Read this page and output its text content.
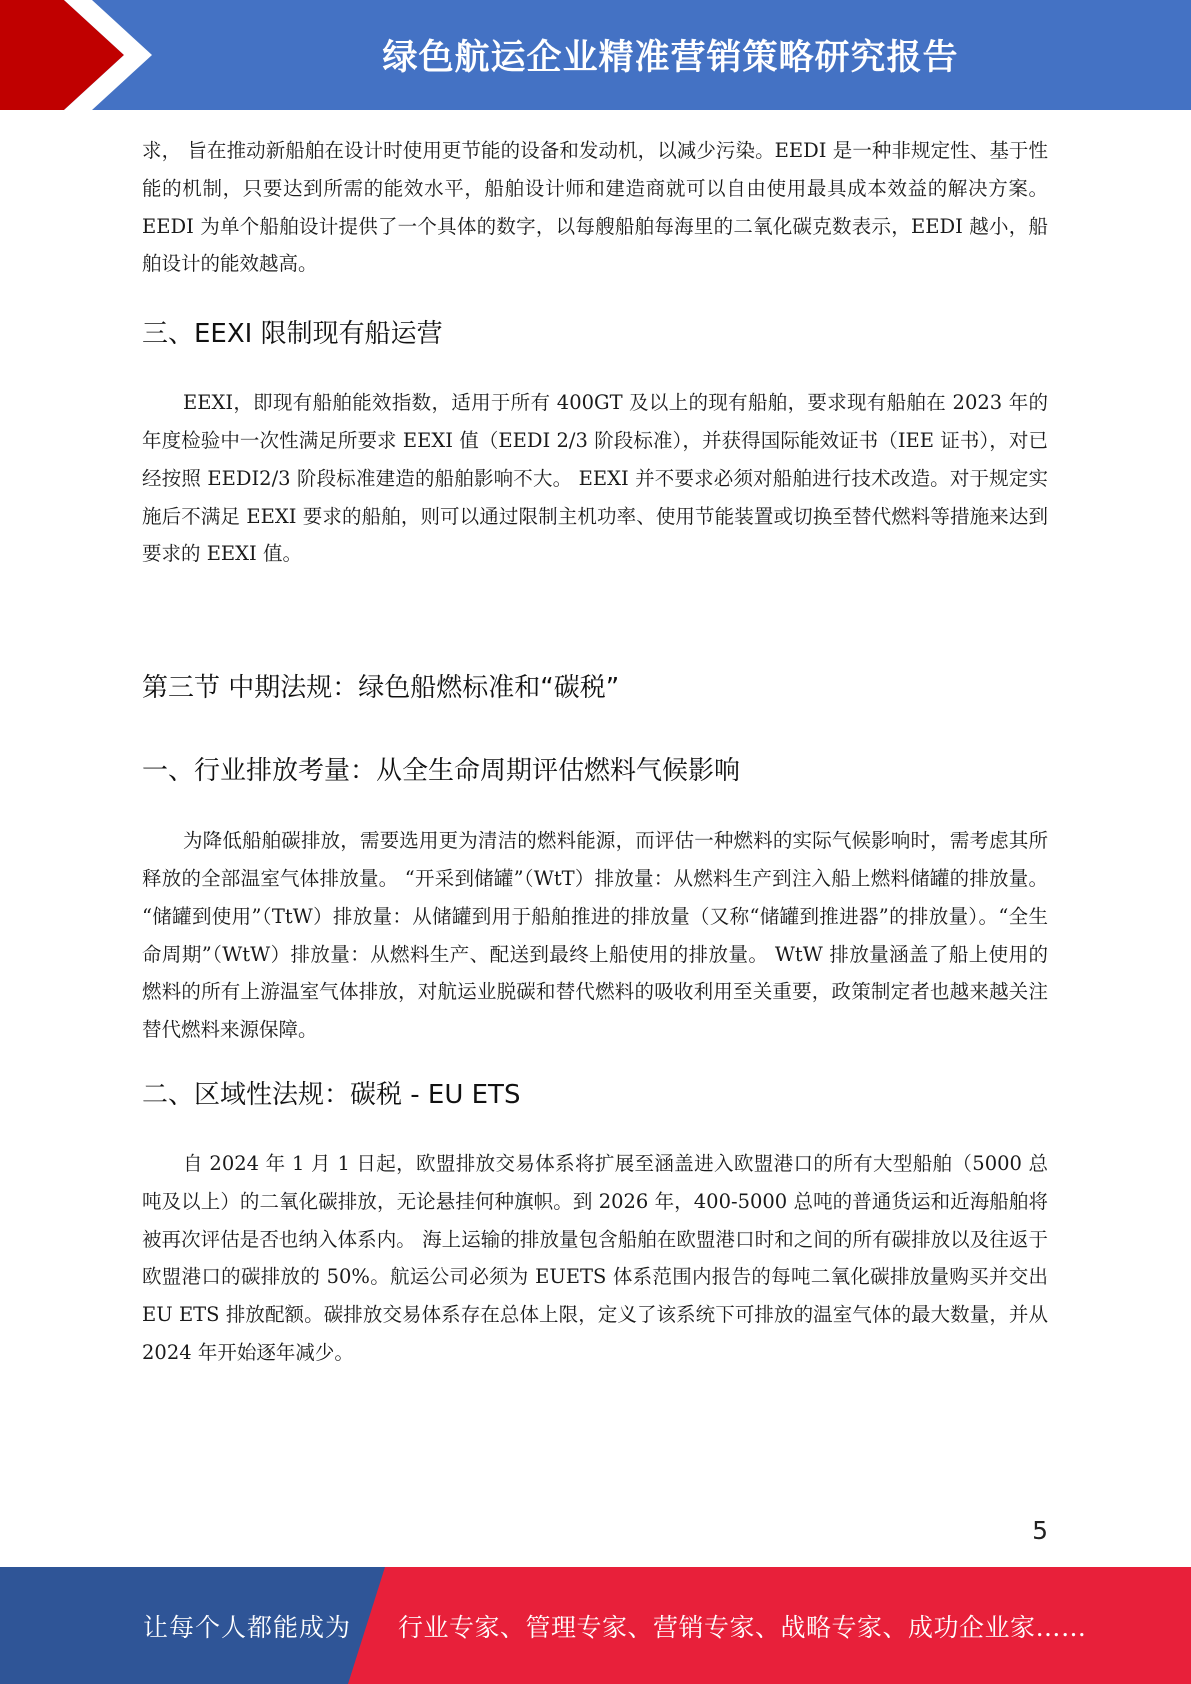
绿色航运企业精准营销策略研究报告

求， 旨在推动新船舶在设计时使用更节能的设备和发动机，以减少污染。EEDI 是一种非规定性、基于性能的机制，只要达到所需的能效水平，船舶设计师和建造商就可以自由使用最具成本效益的解决方案。 EEDI 为单个船舶设计提供了一个具体的数字，以每艘船舶每海里的二氧化碳克数表示，EEDI 越小，船舶设计的能效越高。

三、EEXI 限制现有船运营

EEXI，即现有船舶能效指数，适用于所有 400GT 及以上的现有船舶，要求现有船舶在 2023 年的年度检验中一次性满足所要求 EEXI 值（EEDI 2/3 阶段标准），并获得国际能效证书（IEE 证书），对已经按照 EEDI2/3 阶段标准建造的船舶影响不大。 EEXI 并不要求必须对船舶进行技术改造。对于规定实施后不满足 EEXI 要求的船舶，则可以通过限制主机功率、使用节能装置或切换至替代燃料等措施来达到要求的 EEXI 值。

第三节 中期法规：绿色船燃标准和“碳税”
一、行业排放考量：从全生命周期评估燃料气候影响

为降低船舶碳排放，需要选用更为清洁的燃料能源，而评估一种燃料的实际气候影响时，需考虑其所释放的全部温室气体排放量。 “开采到储罐”（WtT）排放量：从燃料生产到注入船上燃料储罐的排放量。 “储罐到使用”（TtW）排放量：从储罐到用于船舶推进的排放量（又称“储罐到推进器”的排放量）。“全生命周期”（WtW）排放量：从燃料生产、配送到最终上船使用的排放量。 WtW 排放量涵盖了船上使用的燃料的所有上游温室气体排放，对航运业脱碳和替代燃料的吸收利用至关重要，政策制定者也越来越关注替代燃料来源保障。

二、区域性法规：碳税 - EU ETS

自 2024 年 1 月 1 日起，欧盟排放交易体系将扩展至涵盖进入欧盟港口的所有大型船舶（5000 总吨及以上）的二氧化碳排放，无论悬挂何种旗帜。到 2026 年，400-5000 总吨的普通货运和近海船舶将被再次评估是否也纳入体系内。 海上运输的排放量包含船舶在欧盟港口时和之间的所有碳排放以及往返于欧盟港口的碳排放的 50%。航运公司必须为 EUETS 体系范围内报告的每吨二氧化碳排放量购买并交出 EU ETS 排放配额。碳排放交易体系存在总体上限，定义了该系统下可排放的温室气体的最大数量，并从 2024 年开始逐年减少。

5
让每个人都能成为 行业专家、管理专家、营销专家、战略专家、成功企业家……
